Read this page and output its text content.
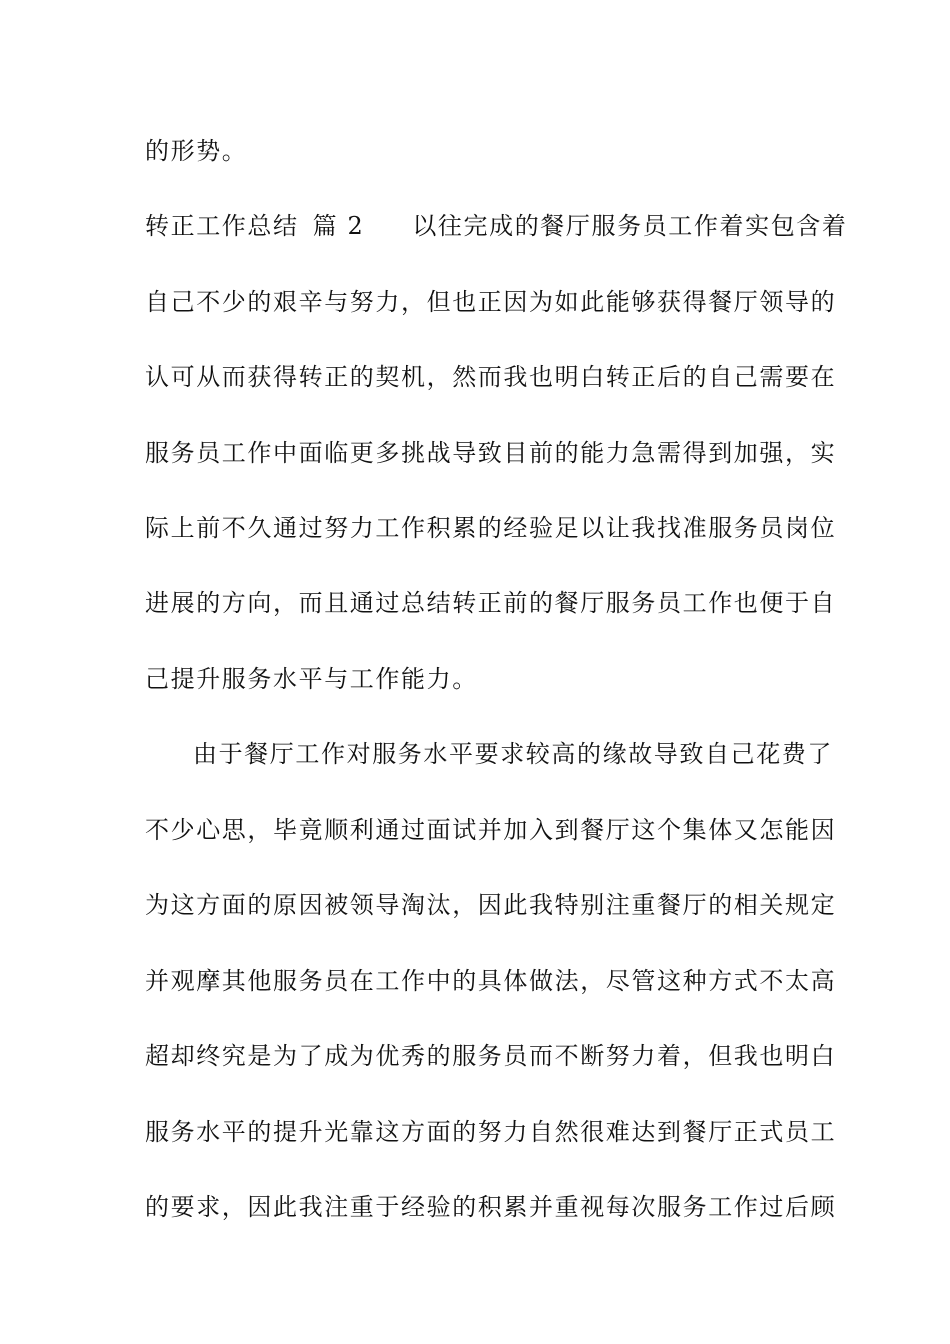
的形势。
转正工作总结 篇 2 以往完成的餐厅服务员工作着实包含着
自己不少的艰辛与努力，但也正因为如此能够获得餐厅领导的
认可从而获得转正的契机，然而我也明白转正后的自己需要在
服务员工作中面临更多挑战导致目前的能力急需得到加强，实
际上前不久通过努力工作积累的经验足以让我找准服务员岗位
进展的方向，而且通过总结转正前的餐厅服务员工作也便于自
己提升服务水平与工作能力。
由于餐厅工作对服务水平要求较高的缘故导致自己花费了
不少心思，毕竟顺利通过面试并加入到餐厅这个集体又怎能因
为这方面的原因被领导淘汰，因此我特别注重餐厅的相关规定
并观摩其他服务员在工作中的具体做法，尽管这种方式不太高
超却终究是为了成为优秀的服务员而不断努力着，但我也明白
服务水平的提升光靠这方面的努力自然很难达到餐厅正式员工
的要求，因此我注重于经验的积累并重视每次服务工作过后顾
